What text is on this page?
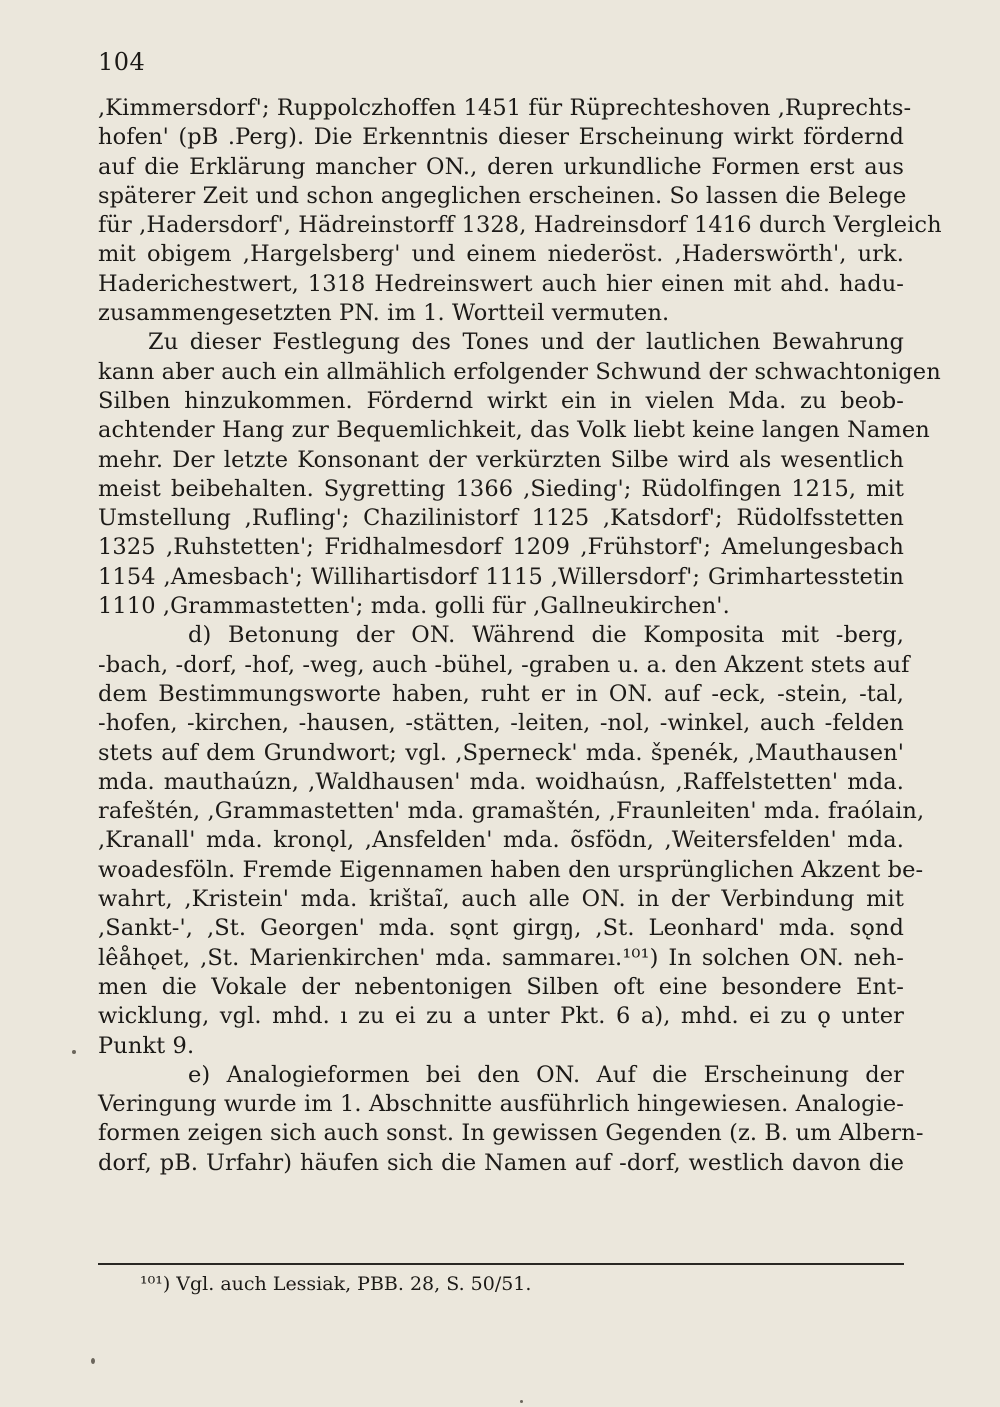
104
,Kimmersdorf'; Ruppolczhoffen 1451 für Rüprechteshoven ,Ruprechts-
hofen' (pB .Perg). Die Erkenntnis dieser Erscheinung wirkt fördernd
auf die Erklärung mancher ON., deren urkundliche Formen erst aus
späterer Zeit und schon angeglichen erscheinen. So lassen die Belege
für ,Hadersdorf', Hädreinstorff 1328, Hadreinsdorf 1416 durch Vergleich
mit obigem ,Hargelsberg' und einem niederöst. ,Haderswörth', urk.
Haderichestwert, 1318 Hedreinswert auch hier einen mit ahd. hadu-
zusammengesetzten PN. im 1. Wortteil vermuten.
Zu dieser Festlegung des Tones und der lautlichen Bewahrung
kann aber auch ein allmählich erfolgender Schwund der schwachtonigen
Silben hinzukommen. Fördernd wirkt ein in vielen Mda. zu beob-
achtender Hang zur Bequemlichkeit, das Volk liebt keine langen Namen
mehr. Der letzte Konsonant der verkürzten Silbe wird als wesentlich
meist beibehalten. Sygretting 1366 ,Sieding'; Rüdolfingen 1215, mit
Umstellung ,Rufling'; Chazilinistorf 1125 ,Katsdorf'; Rüdolfsstetten
1325 ,Ruhstetten'; Fridhalmesdorf 1209 ,Frühstorf'; Amelungesbach
1154 ,Amesbach'; Willihartisdorf 1115 ,Willersdorf'; Grimhartesstetin
1110 ,Grammastetten'; mda. golli für ,Gallneukirchen'.
d) Betonung der ON. Während die Komposita mit -berg,
-bach, -dorf, -hof, -weg, auch -bühel, -graben u. a. den Akzent stets auf
dem Bestimmungsworte haben, ruht er in ON. auf -eck, -stein, -tal,
-hofen, -kirchen, -hausen, -stätten, -leiten, -nol, -winkel, auch -felden
stets auf dem Grundwort; vgl. ,Sperneck' mda. špenék, ,Mauthausen'
mda. mauthaúzn, ,Waldhausen' mda. woidhaúsn, ,Raffelstetten' mda.
rafeštén, ,Grammastetten' mda. gramaštén, ,Fraunleiten' mda. fraólain,
,Kranall' mda. kronǫl, ,Ansfelden' mda. õsfödn, ,Weitersfelden' mda.
woadesföln. Fremde Eigennamen haben den ursprünglichen Akzent be-
wahrt, ,Kristein' mda. krištaĩ, auch alle ON. in der Verbindung mit
,Sankt-', ,St. Georgen' mda. sǫnt girgŋ, ,St. Leonhard' mda. sǫnd
lêåhǫet, ,St. Marienkirchen' mda. sammareı.¹⁰¹) In solchen ON. neh-
men die Vokale der nebentonigen Silben oft eine besondere Ent-
wicklung, vgl. mhd. ı zu ei zu a unter Pkt. 6 a), mhd. ei zu ǫ unter
Punkt 9.
e) Analogieformen bei den ON. Auf die Erscheinung der
Veringung wurde im 1. Abschnitte ausführlich hingewiesen. Analogie-
formen zeigen sich auch sonst. In gewissen Gegenden (z. B. um Albern-
dorf, pB. Urfahr) häufen sich die Namen auf -dorf, westlich davon die
¹⁰¹) Vgl. auch Lessiak, PBB. 28, S. 50/51.
